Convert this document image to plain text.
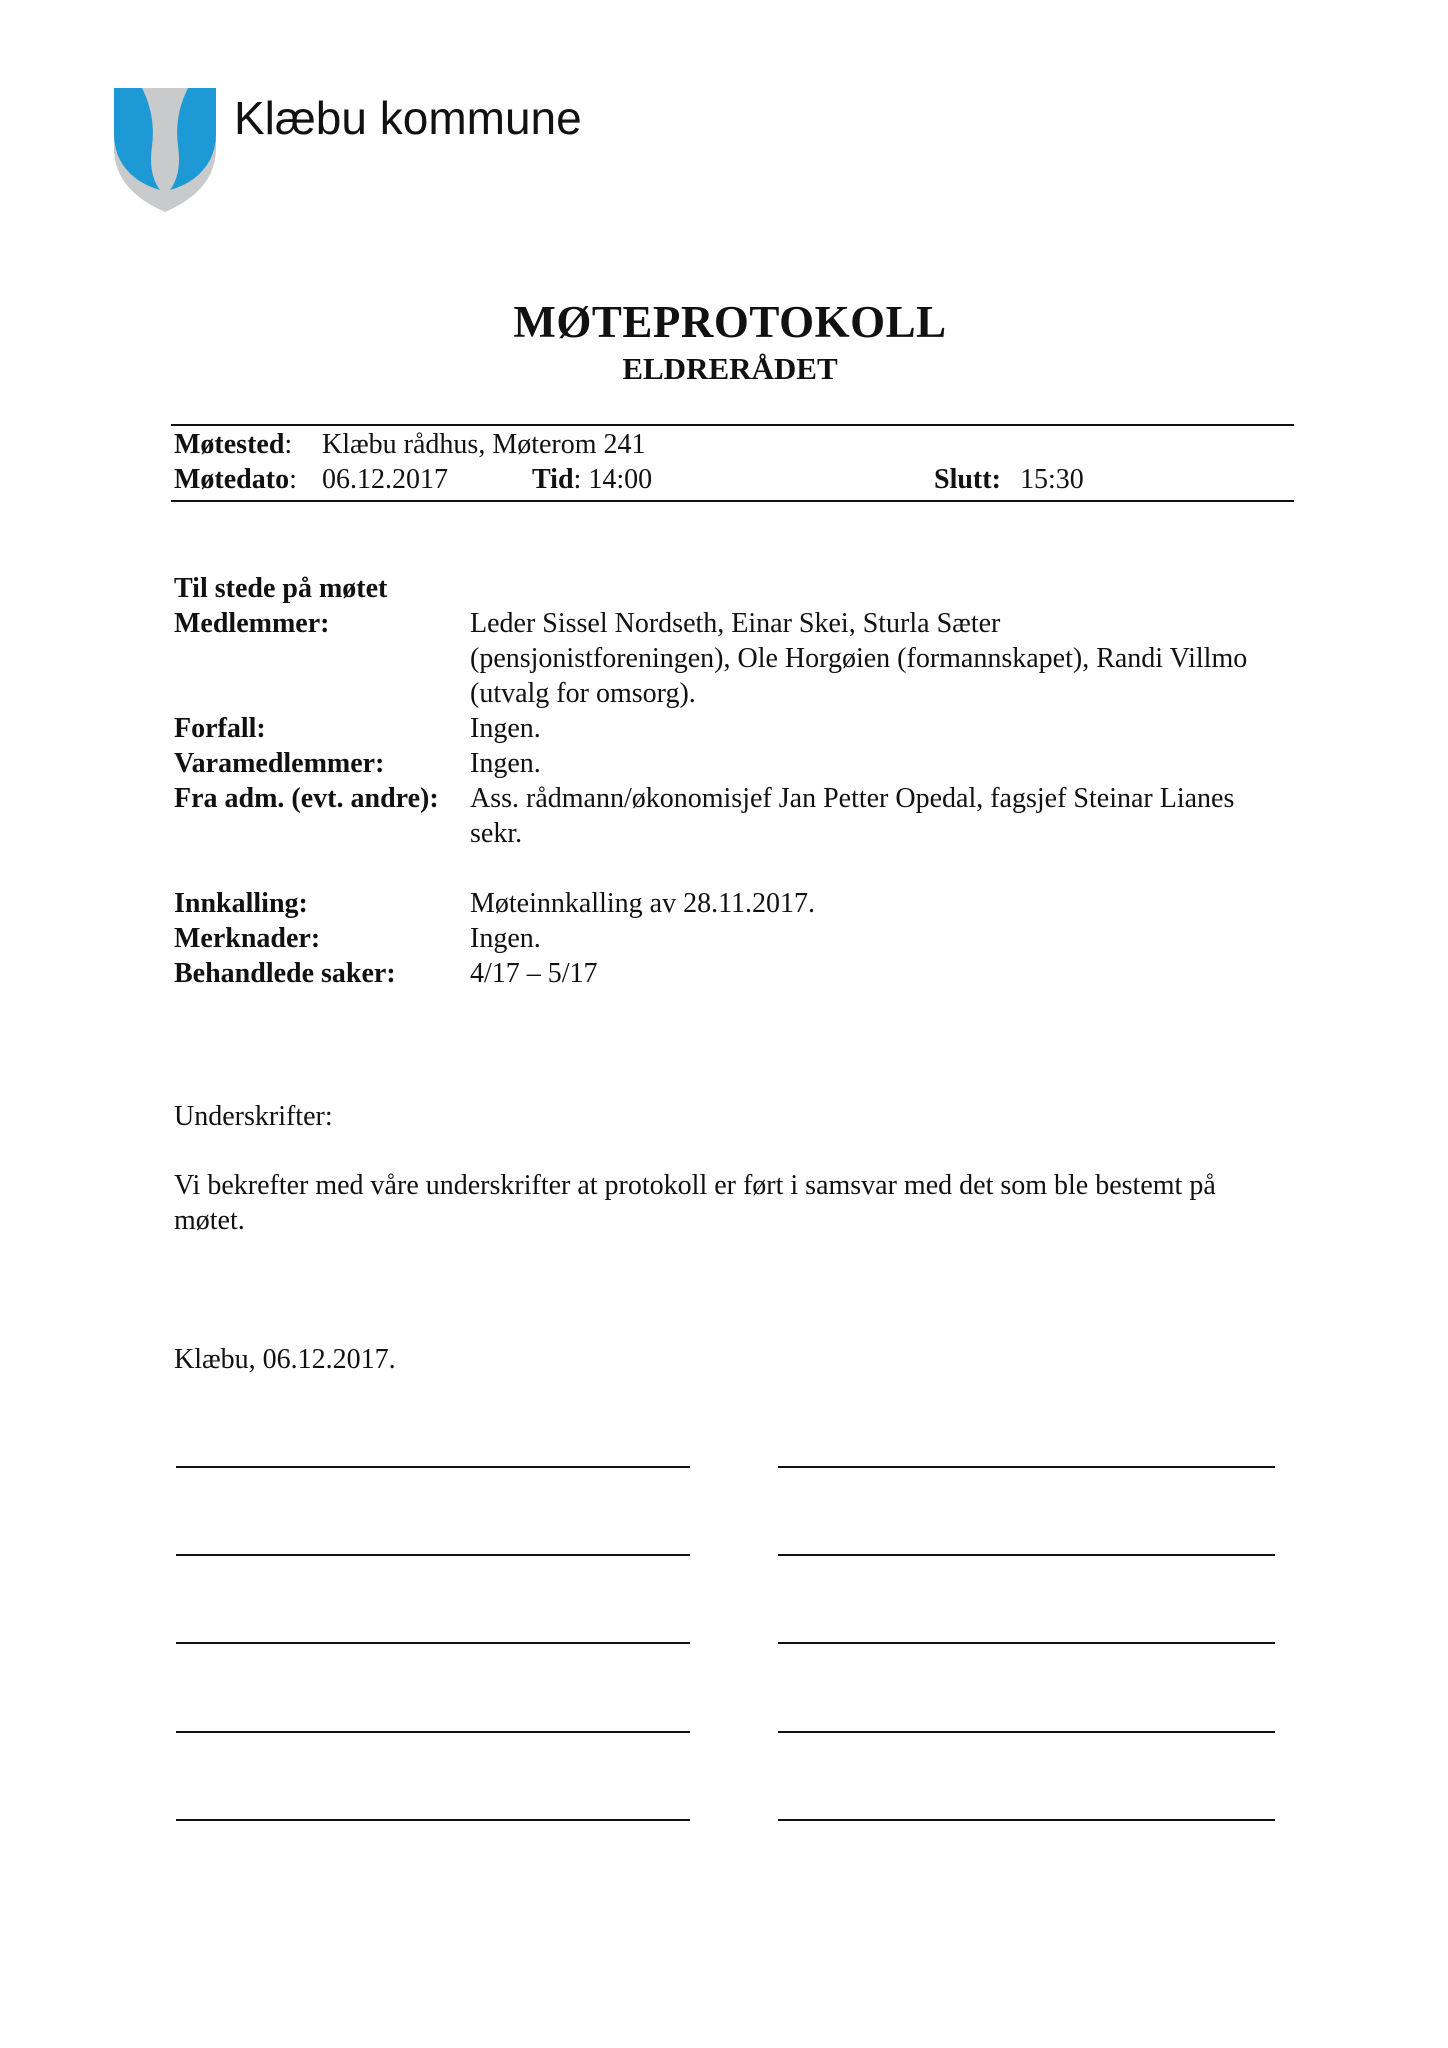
Klæbu kommune
MØTEPROTOKOLL
ELDRERÅDET
Møtested: Klæbu rådhus, Møterom 241
Møtedato: 06.12.2017	Tid: 14:00	Slutt: 15:30
Til stede på møtet
Medlemmer:	Leder Sissel Nordseth, Einar Skei, Sturla Sæter
(pensjonistforeningen), Ole Horgøien (formannskapet), Randi Villmo
(utvalg for omsorg).
Forfall:	Ingen.
Varamedlemmer:	Ingen.
Fra adm. (evt. andre): Ass. rådmann/økonomisjef Jan Petter Opedal, fagsjef Steinar Lianes
sekr.
Innkalling:	Møteinnkalling av 28.11.2017.
Merknader:	Ingen.
Behandlede saker:	4/17 – 5/17
Underskrifter:
Vi bekrefter med våre underskrifter at protokoll er ført i samsvar med det som ble bestemt på
møtet.
Klæbu, 06.12.2017.
